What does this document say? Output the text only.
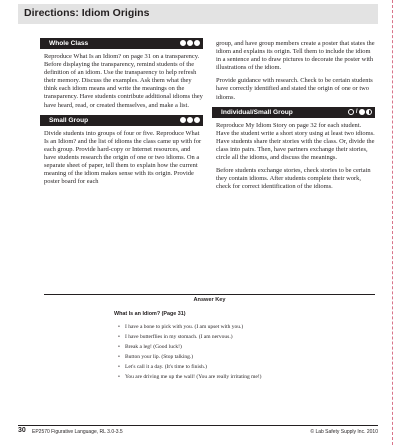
Directions: Idiom Origins
Whole Class

Reproduce What Is an Idiom? on page 31 on a transparency. Before displaying the transparency, remind students of the definition of an idiom. Use the transparency to help refresh their memory. Discuss the examples. Ask them what they think each idiom means and write the meanings on the transparency. Have students contribute additional idioms they have heard, read, or created themselves, and make a list.

Small Group

Divide students into groups of four or five. Reproduce What Is an Idiom? and the list of idioms the class came up with for each group. Provide hard-copy or Internet resources, and have students research the origin of one or two idioms. On a separate sheet of paper, tell them to explain how the current meaning of the idiom makes sense with its origin. Provide poster board for each

group, and have group members create a poster that states the idiom and explains its origin. Tell them to include the idiom in a sentence and to draw pictures to decorate the poster with illustrations of the idiom.

Provide guidance with research. Check to be certain students have correctly identified and stated the origin of one or two idioms.

Individual/Small Group	/

Reproduce My Idiom Story on page 32 for each student. Have the student write a short story using at least two idioms. Have students share their stories with the class. Or, divide the class into pairs. Then, have partners exchange their stories, circle all the idioms, and discuss the meanings.

Before students exchange stories, check stories to be certain they contain idioms. After students complete their work, check for correct identification of the idioms.

Answer Key
What Is an Idiom? (Page 31)
• I have a bone to pick with you. (I am upset with you.)
• I have butterflies in my stomach. (I am nervous.)
• Break a leg! (Good luck!)
• Button your lip. (Stop talking.)
• Let's call it a day. (It's time to finish.)
• You are driving me up the wall! (You are really irritating me!)
30 EP2570 Figurative Language, RL 3.0-3.5	© Lab Safety Supply Inc. 2010
